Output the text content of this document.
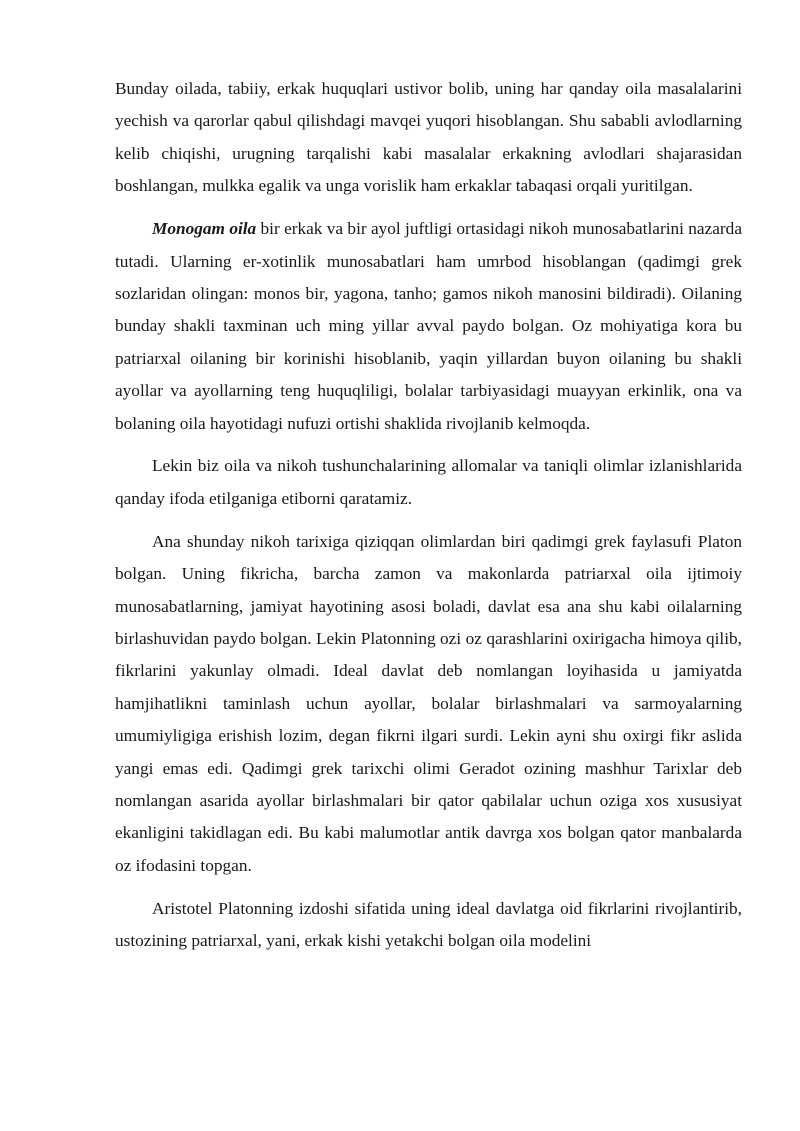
Bunday oilada, tabiiy, erkak huquqlari ustivor bolib, uning har qanday oila masalalarini yechish va qarorlar qabul qilishdagi mavqei yuqori hisoblangan. Shu sababli avlodlarning kelib chiqishi, urugning tarqalishi kabi masalalar erkakning avlodlari shajarasidan boshlangan, mulkka egalik va unga vorislik ham erkaklar tabaqasi orqali yuritilgan.

Monogam oila bir erkak va bir ayol juftligi ortasidagi nikoh munosabatlarini nazarda tutadi. Ularning er-xotinlik munosabatlari ham umrbod hisoblangan (qadimgi grek sozlaridan olingan: monos bir, yagona, tanho; gamos nikoh manosini bildiradi). Oilaning bunday shakli taxminan uch ming yillar avval paydo bolgan. Oz mohiyatiga kora bu patriarxal oilaning bir korinishi hisoblanib, yaqin yillardan buyon oilaning bu shakli ayollar va ayollarning teng huquqliligi, bolalar tarbiyasidagi muayyan erkinlik, ona va bolaning oila hayotidagi nufuzi ortishi shaklida rivojlanib kelmoqda.

Lekin biz oila va nikoh tushunchalarining allomalar va taniqli olimlar izlanishlarida qanday ifoda etilganiga etiborni qaratamiz.

Ana shunday nikoh tarixiga qiziqqan olimlardan biri qadimgi grek faylasufi Platon bolgan. Uning fikricha, barcha zamon va makonlarda patriarxal oila ijtimoiy munosabatlarning, jamiyat hayotining asosi boladi, davlat esa ana shu kabi oilalarning birlashuvidan paydo bolgan. Lekin Platonning ozi oz qarashlarini oxirigacha himoya qilib, fikrlarini yakunlay olmadi. Ideal davlat deb nomlangan loyihasida u jamiyatda hamjihatlikni taminlash uchun ayollar, bolalar birlashmalari va sarmoyalarning umumiyligiga erishish lozim, degan fikrni ilgari surdi. Lekin ayni shu oxirgi fikr aslida yangi emas edi. Qadimgi grek tarixchi olimi Geradot ozining mashhur Tarixlar deb nomlangan asarida ayollar birlashmalari bir qator qabilalar uchun oziga xos xususiyat ekanligini takidlagan edi. Bu kabi malumotlar antik davrga xos bolgan qator manbalarda oz ifodasini topgan.

Aristotel Platonning izdoshi sifatida uning ideal davlatga oid fikrlarini rivojlantirib, ustozining patriarxal, yani, erkak kishi yetakchi bolgan oila modelini
